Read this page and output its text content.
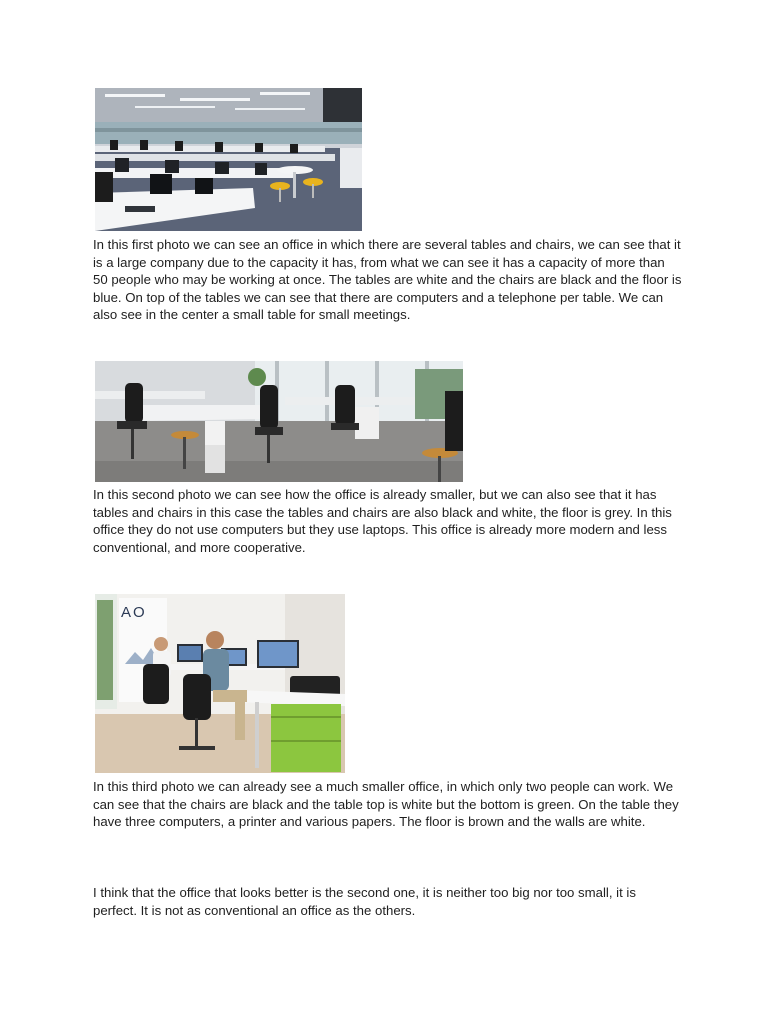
In this first photo we can see an office in which there are several tables and chairs, we can see that it is a large company due to the capacity it has, from what we can see it has a capacity of more than 50 people who may be working at once. The tables are white and the chairs are black and the floor is blue. On top of the tables we can see that there are computers and a telephone per table. We can also see in the center a small table for small meetings.

In this second photo we can see how the office is already smaller, but we can also see that it has tables and chairs in this case the tables and chairs are also black and white, the floor is grey. In this office they do not use computers but they use laptops. This office is already more modern and less conventional, and more cooperative.

AO

In this third photo we can already see a much smaller office, in which only two people can work. We can see that the chairs are black and the table top is white but the bottom is green. On the table they have three computers, a printer and various papers. The floor is brown and the walls are white.

I think that the office that looks better is the second one, it is neither too big nor too small, it is perfect. It is not as conventional an office as the others.
